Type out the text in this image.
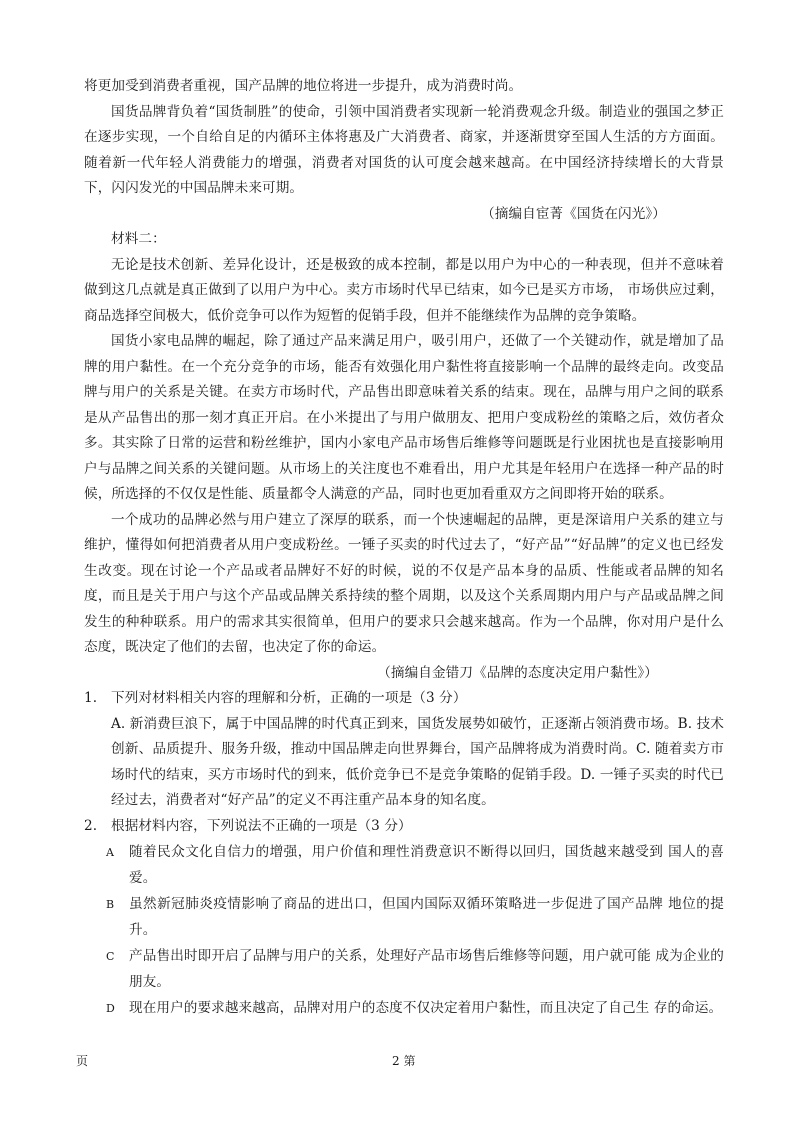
将更加受到消费者重视，国产品牌的地位将进一步提升，成为消费时尚。

国货品牌背负着“国货制胜”的使命，引领中国消费者实现新一轮消费观念升级。制造业的强国之梦正在逐步实现，一个自给自足的内循环主体将惠及广大消费者、商家，并逐渐贯穿至国人生活的方方面面。随着新一代年轻人消费能力的增强，消费者对国货的认可度会越来越高。在中国经济持续增长的大背景下，闪闪发光的中国品牌未来可期。

（摘编自宦菁《国货在闪光》）

材料二：

无论是技术创新、差异化设计，还是极致的成本控制，都是以用户为中心的一种表现，但并不意味着做到这几点就是真正做到了以用户为中心。卖方市场时代早已结束，如今已是买方市场， 市场供应过剩，商品选择空间极大，低价竞争可以作为短暂的促销手段，但并不能继续作为品牌的竞争策略。

国货小家电品牌的崛起，除了通过产品来满足用户，吸引用户，还做了一个关键动作，就是增加了品牌的用户黏性。在一个充分竞争的市场，能否有效强化用户黏性将直接影响一个品牌的最终走向。改变品牌与用户的关系是关键。在卖方市场时代，产品售出即意味着关系的结束。现在，品牌与用户之间的联系是从产品售出的那一刻才真正开启。在小米提出了与用户做朋友、把用户变成粉丝的策略之后，效仿者众多。其实除了日常的运营和粉丝维护，国内小家电产品市场售后维修等问题既是行业困扰也是直接影响用户与品牌之间关系的关键问题。从市场上的关注度也不难看出，用户尤其是年轻用户在选择一种产品的时候，所选择的不仅仅是性能、质量都令人满意的产品，同时也更加看重双方之间即将开始的联系。

一个成功的品牌必然与用户建立了深厚的联系，而一个快速崛起的品牌，更是深谙用户关系的建立与维护，懂得如何把消费者从用户变成粉丝。一锤子买卖的时代过去了，“好产品”“好品牌”的定义也已经发生改变。现在讨论一个产品或者品牌好不好的时候，说的不仅是产品本身的品质、性能或者品牌的知名度，而且是关于用户与这个产品或品牌关系持续的整个周期，以及这个关系周期内用户与产品或品牌之间发生的种种联系。用户的需求其实很简单，但用户的要求只会越来越高。作为一个品牌，你对用户是什么态度，既决定了他们的去留，也决定了你的命运。

（摘编自金错刀《品牌的态度决定用户黏性》）

1. 下列对材料相关内容的理解和分析，正确的一项是（3 分）

A. 新消费巨浪下，属于中国品牌的时代真正到来，国货发展势如破竹，正逐渐占领消费市场。B. 技术创新、品质提升、服务升级，推动中国品牌走向世界舞台，国产品牌将成为消费时尚。C. 随着卖方市场时代的结束，买方市场时代的到来，低价竞争已不是竞争策略的促销手段。D. 一锤子买卖的时代已经过去，消费者对“好产品”的定义不再注重产品本身的知名度。

2. 根据材料内容，下列说法不正确的一项是（3 分）

A 随着民众文化自信力的增强，用户价值和理性消费意识不断得以回归，国货越来越受到 国人的喜爱。

B 虽然新冠肺炎疫情影响了商品的进出口，但国内国际双循环策略进一步促进了国产品牌 地位的提升。

C 产品售出时即开启了品牌与用户的关系，处理好产品市场售后维修等问题，用户就可能 成为企业的朋友。

D 现在用户的要求越来越高，品牌对用户的态度不仅决定着用户黏性，而且决定了自己生 存的命运。

页	2 第
